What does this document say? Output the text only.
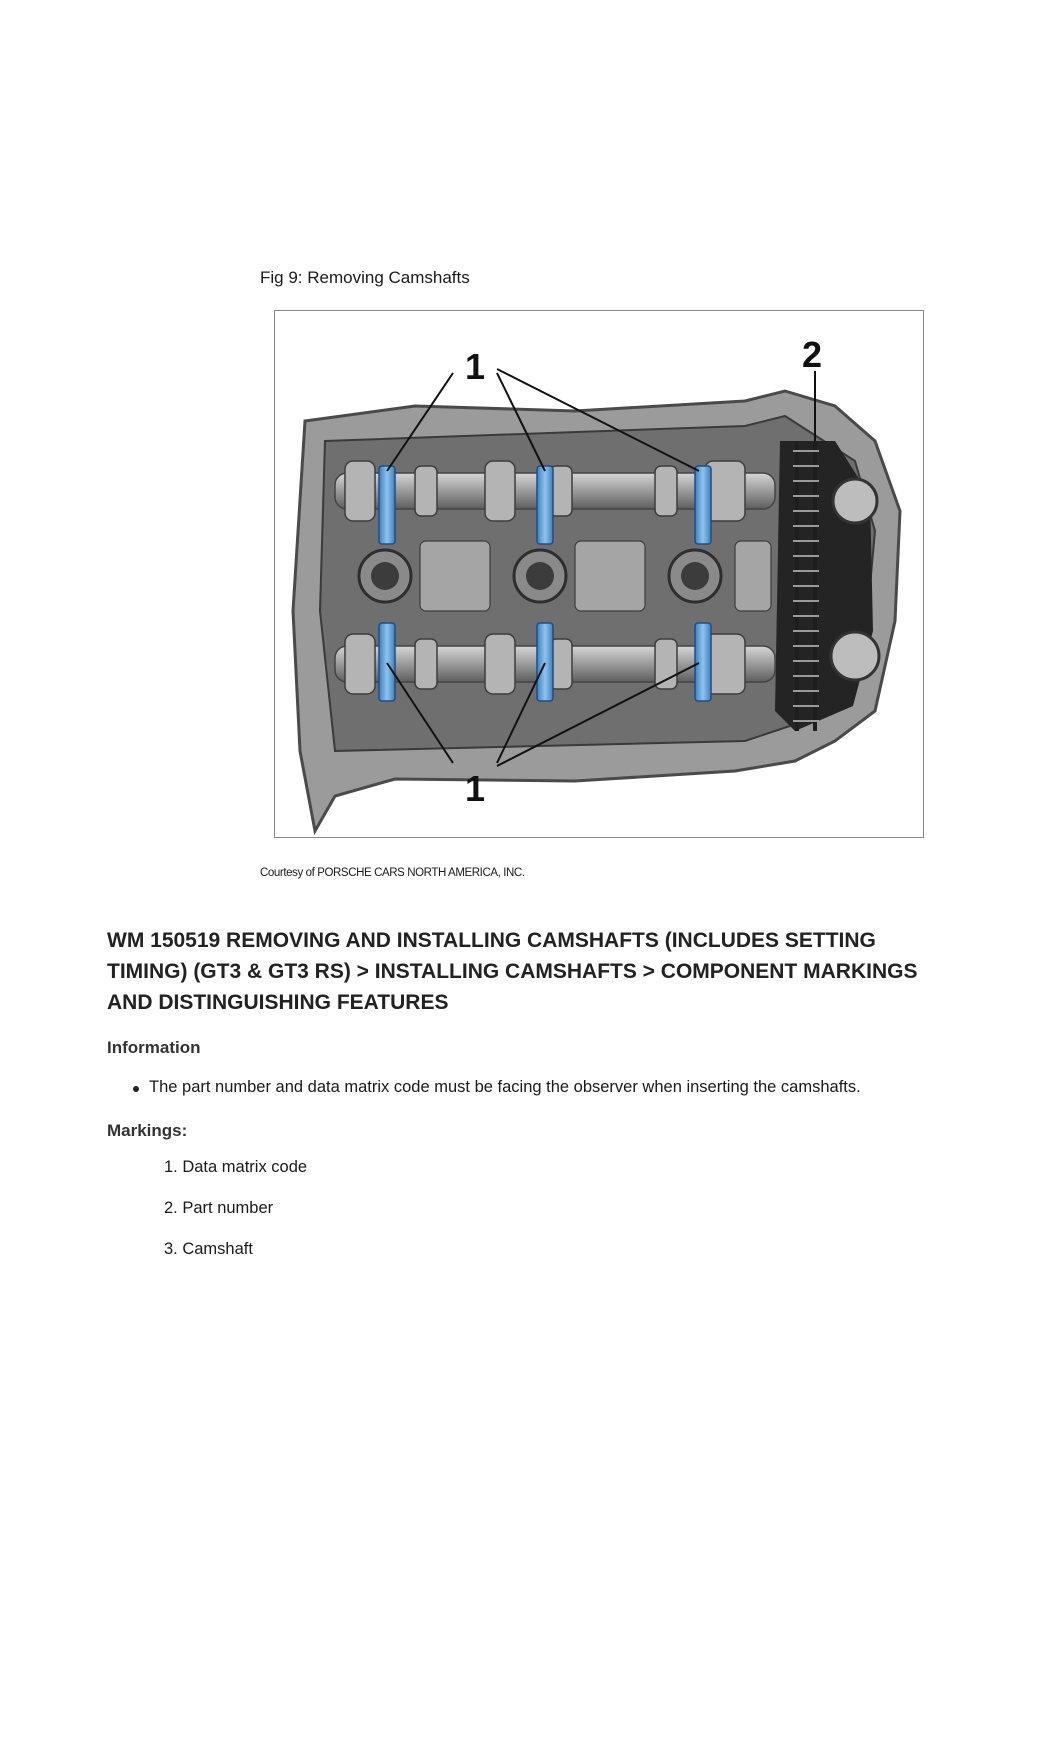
Fig 9: Removing Camshafts
1
1
2
Courtesy of PORSCHE CARS NORTH AMERICA, INC.
WM 150519 REMOVING AND INSTALLING CAMSHAFTS (INCLUDES SETTING TIMING) (GT3 & GT3 RS) > INSTALLING CAMSHAFTS > COMPONENT MARKINGS AND DISTINGUISHING FEATURES
Information
The part number and data matrix code must be facing the observer when inserting the camshafts.
Markings:
1. Data matrix code
2. Part number
3. Camshaft
